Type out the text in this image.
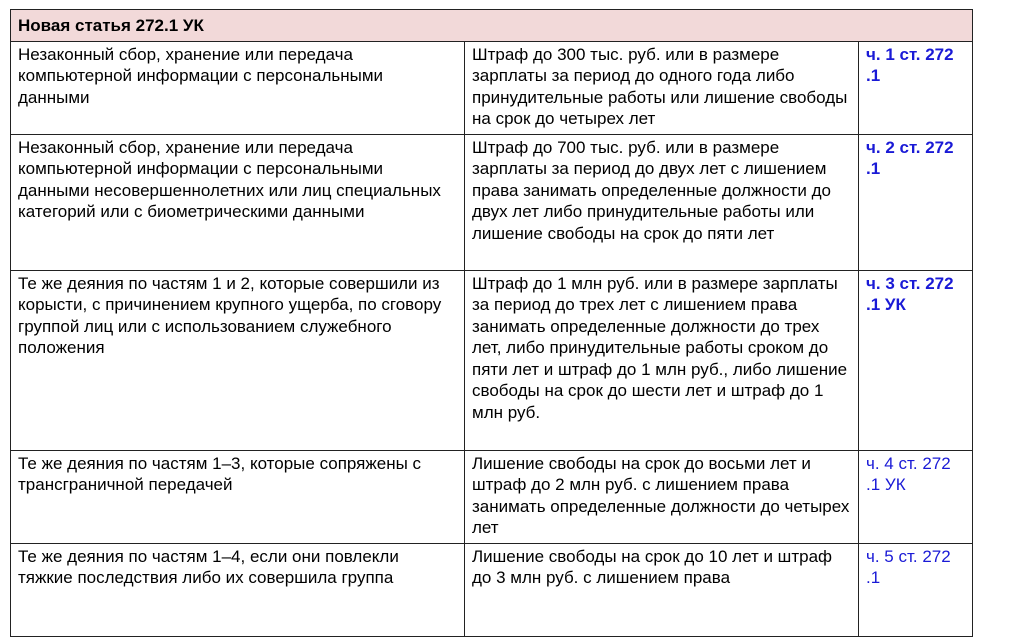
Новая статья 272.1 УК		
Незаконный сбор, хранение или передача компьютерной информации с персональными данными	Штраф до 300 тыс. руб. или в размере зарплаты за период до одного года либо принудительные работы или лишение свободы на срок до четырех лет	ч. 1 ст. 272 .1
Незаконный сбор, хранение или передача компьютерной информации с персональными данными несовершеннолетних или лиц специальных категорий или с биометрическими данными	Штраф до 700 тыс. руб. или в размере зарплаты за период до двух лет с лишением права занимать определенные должности до двух лет либо принудительные работы или лишение свободы на срок до пяти лет	ч. 2 ст. 272 .1
Те же деяния по частям 1 и 2, которые совершили из корысти, с причинением крупного ущерба, по сговору группой лиц или с использованием служебного положения	Штраф до 1 млн руб. или в размере зарплаты за период до трех лет с лишением права занимать определенные должности до трех лет, либо принудительные работы сроком до пяти лет и штраф до 1 млн руб., либо лишение свободы на срок до шести лет и штраф до 1 млн руб.	ч. 3 ст. 272 .1 УК
Те же деяния по частям 1–3, которые сопряжены с трансграничной передачей	Лишение свободы на срок до восьми лет и штраф до 2 млн руб. с лишением права занимать определенные должности до четырех лет	ч. 4 ст. 272 .1 УК
Те же деяния по частям 1–4, если они повлекли тяжкие последствия либо их совершила группа	Лишение свободы на срок до 10 лет и штраф до 3 млн руб. с лишением права	ч. 5 ст. 272 .1
